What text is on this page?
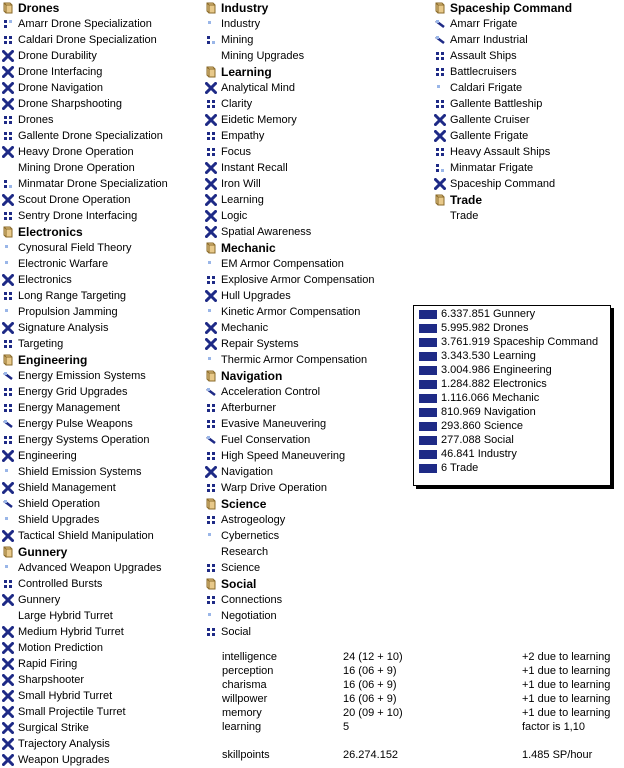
Drones
Amarr Drone Specialization
Caldari Drone Specialization
Drone Durability
Drone Interfacing
Drone Navigation
Drone Sharpshooting
Drones
Gallente Drone Specialization
Heavy Drone Operation
Mining Drone Operation
Minmatar Drone Specialization
Scout Drone Operation
Sentry Drone Interfacing
Electronics
Cynosural Field Theory
Electronic Warfare
Electronics
Long Range Targeting
Propulsion Jamming
Signature Analysis
Targeting
Engineering
Energy Emission Systems
Energy Grid Upgrades
Energy Management
Energy Pulse Weapons
Energy Systems Operation
Engineering
Shield Emission Systems
Shield Management
Shield Operation
Shield Upgrades
Tactical Shield Manipulation
Gunnery
Advanced Weapon Upgrades
Controlled Bursts
Gunnery
Large Hybrid Turret
Medium Hybrid Turret
Motion Prediction
Rapid Firing
Sharpshooter
Small Hybrid Turret
Small Projectile Turret
Surgical Strike
Trajectory Analysis
Weapon Upgrades
Industry
Industry
Mining
Mining Upgrades
Learning
Analytical Mind
Clarity
Eidetic Memory
Empathy
Focus
Instant Recall
Iron Will
Learning
Logic
Spatial Awareness
Mechanic
EM Armor Compensation
Explosive Armor Compensation
Hull Upgrades
Kinetic Armor Compensation
Mechanic
Repair Systems
Thermic Armor Compensation
Navigation
Acceleration Control
Afterburner
Evasive Maneuvering
Fuel Conservation
High Speed Maneuvering
Navigation
Warp Drive Operation
Science
Astrogeology
Cybernetics
Research
Science
Social
Connections
Negotiation
Social
Spaceship Command
Amarr Frigate
Amarr Industrial
Assault Ships
Battlecruisers
Caldari Frigate
Gallente Battleship
Gallente Cruiser
Gallente Frigate
Heavy Assault Ships
Minmatar Frigate
Spaceship Command
Trade
Trade
6.337.851 Gunnery
5.995.982 Drones
3.761.919 Spaceship Command
3.343.530 Learning
3.004.986 Engineering
1.284.882 Electronics
1.116.066 Mechanic
810.969 Navigation
293.860 Science
277.088 Social
46.841 Industry
6 Trade
intelligence	24 (12 + 10)	+2 due to learning
perception	16 (06 + 9)	+1 due to learning
charisma	16 (06 + 9)	+1 due to learning
willpower	16 (06 + 9)	+1 due to learning
memory	20 (09 + 10)	+1 due to learning
learning	5	factor is 1,10
skillpoints	26.274.152	1.485 SP/hour
